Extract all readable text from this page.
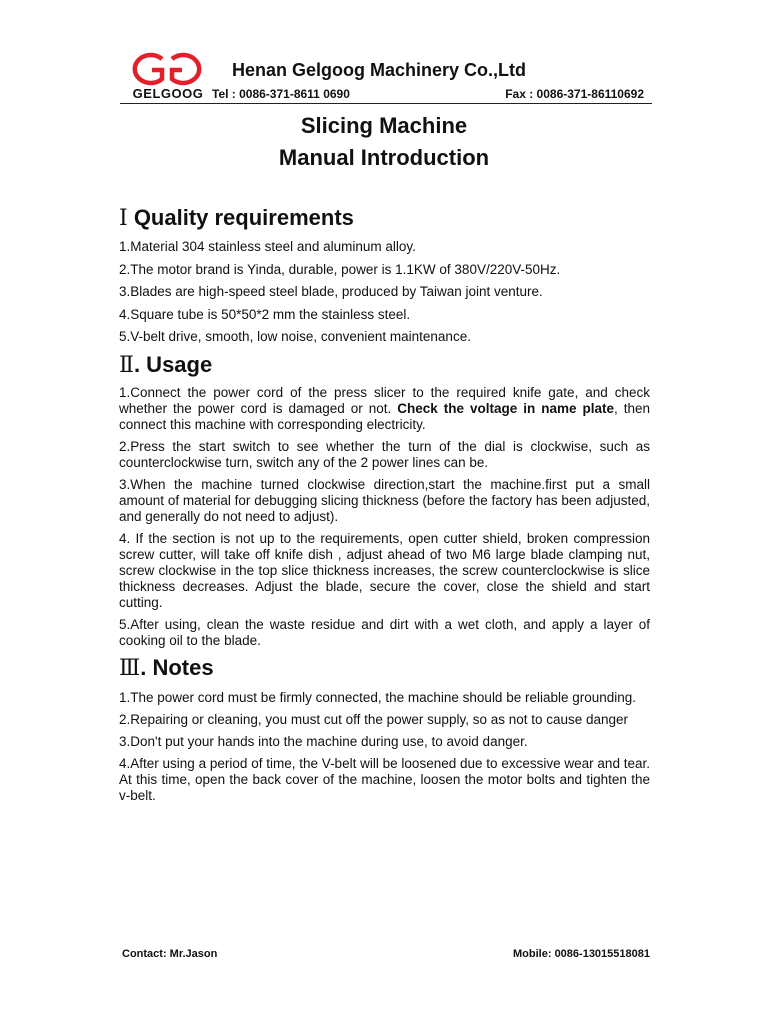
GELGOOG
Henan Gelgoog Machinery Co.,Ltd
Tel : 0086-371-8611 0690	Fax : 0086-371-86110692
Slicing Machine
Manual Introduction
Ⅰ Quality requirements

1.Material 304 stainless steel and aluminum alloy.

2.The motor brand is Yinda, durable, power is 1.1KW of 380V/220V-50Hz.

3.Blades are high-speed steel blade, produced by Taiwan joint venture.

4.Square tube is 50*50*2 mm the stainless steel.

5.V-belt drive, smooth, low noise, convenient maintenance.

Ⅱ . Usage

1.Connect the power cord of the press slicer to the required knife gate, and check whether the power cord is damaged or not. Check the voltage in name plate, then connect this machine with corresponding electricity.

2.Press the start switch to see whether the turn of the dial is clockwise, such as counterclockwise turn, switch any of the 2 power lines can be.

3.When the machine turned clockwise direction,start the machine.first put a small amount of material for debugging slicing thickness (before the factory has been adjusted, and generally do not need to adjust).

4. If the section is not up to the requirements, open cutter shield, broken compression screw cutter, will take off knife dish , adjust ahead of two M6 large blade clamping nut, screw clockwise in the top slice thickness increases, the screw counterclockwise is slice thickness decreases. Adjust the blade, secure the cover, close the shield and start cutting.

5.After using, clean the waste residue and dirt with a wet cloth, and apply a layer of cooking oil to the blade.

Ⅲ . Notes

1.The power cord must be firmly connected, the machine should be reliable grounding.

2.Repairing or cleaning, you must cut off the power supply, so as not to cause danger

3.Don't put your hands into the machine during use, to avoid danger.

4.After using a period of time, the V-belt will be loosened due to excessive wear and tear. At this time, open the back cover of the machine, loosen the motor bolts and tighten the v-belt.

Contact: Mr.Jason	Mobile: 0086-13015518081
